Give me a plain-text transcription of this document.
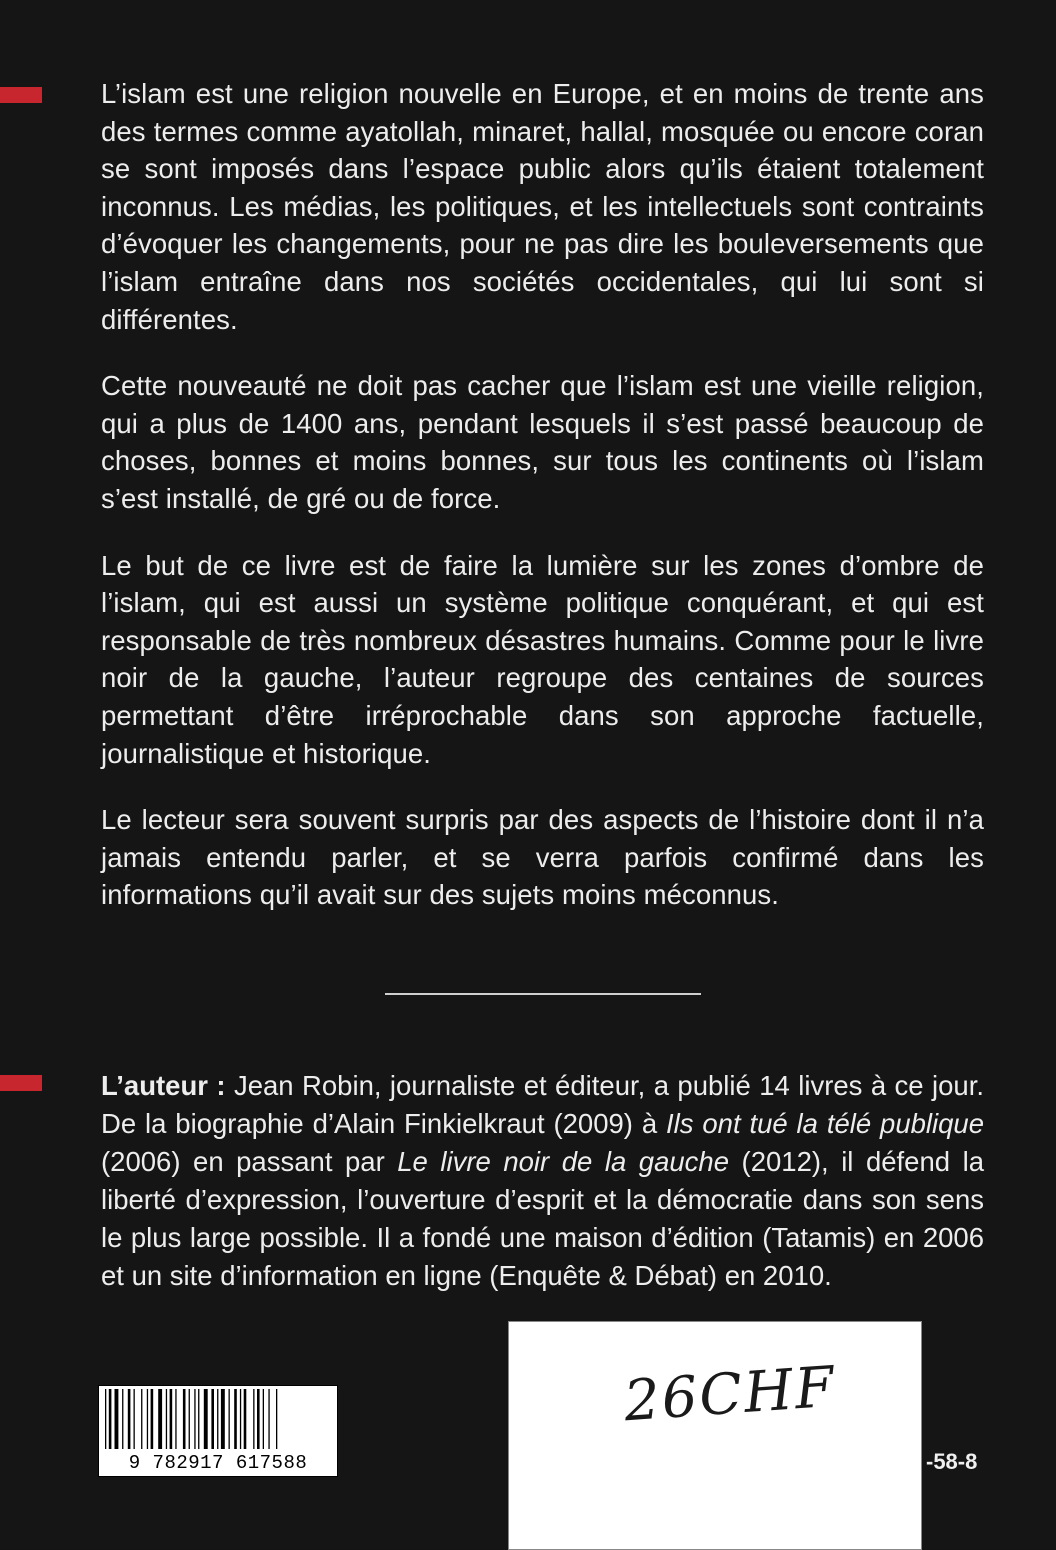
L’islam est une religion nouvelle en Europe, et en moins de trente ans des termes comme ayatollah, minaret, hallal, mosquée ou encore coran se sont imposés dans l’espace public alors qu’ils étaient totalement inconnus. Les médias, les politiques, et les intellectuels sont contraints d’évoquer les changements, pour ne pas dire les bouleversements que l’islam entraîne dans nos sociétés occidentales, qui lui sont si différentes.

Cette nouveauté ne doit pas cacher que l’islam est une vieille religion, qui a plus de 1400 ans, pendant lesquels il s’est passé beaucoup de choses, bonnes et moins bonnes, sur tous les continents où l’islam s’est installé, de gré ou de force.

Le but de ce livre est de faire la lumière sur les zones d’ombre de l’islam, qui est aussi un système politique conquérant, et qui est responsable de très nombreux désastres humains. Comme pour le livre noir de la gauche, l’auteur regroupe des centaines de sources permettant d’être irréprochable dans son approche factuelle, journalistique et historique.

Le lecteur sera souvent surpris par des aspects de l’histoire dont il n’a jamais entendu parler, et se verra parfois confirmé dans les informations qu’il avait sur des sujets moins méconnus.

L’auteur : Jean Robin, journaliste et éditeur, a publié 14 livres à ce jour. De la biographie d’Alain Finkielkraut (2009) à Ils ont tué la télé publique (2006) en passant par Le livre noir de la gauche (2012), il défend la liberté d’expression, l’ouverture d’esprit et la démocratie dans son sens le plus large possible. Il a fondé une maison d’édition (Tatamis) en 2006 et un site d’information en ligne (Enquête & Débat) en 2010.
9 782917 617588
26CHF
-58-8
